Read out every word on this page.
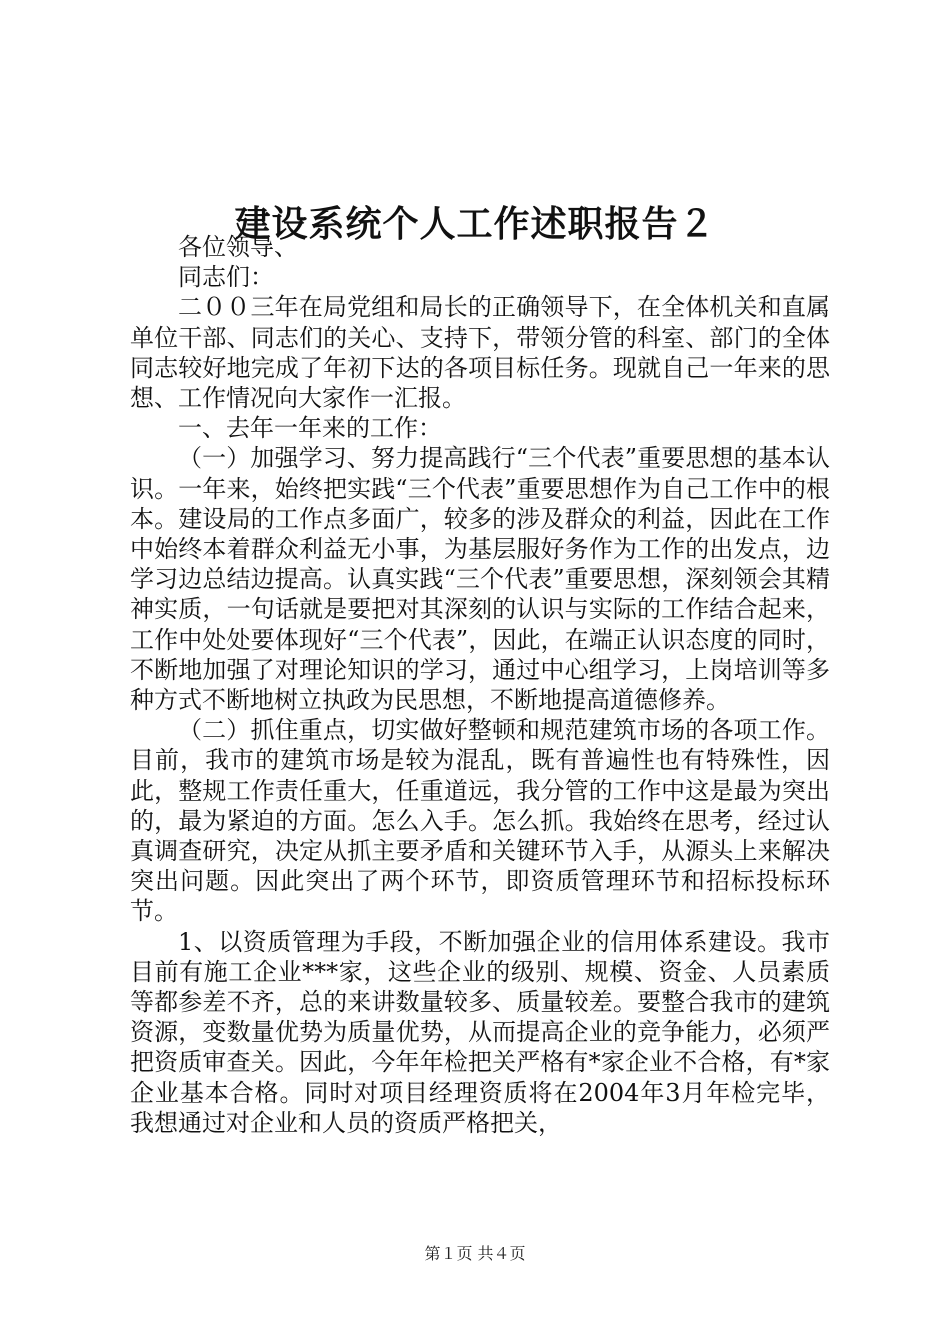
建设系统个人工作述职报告２

各位领导、

同志们：

二００三年在局党组和局长的正确领导下，在全体机关和直属单位干部、同志们的关心、支持下，带领分管的科室、部门的全体同志较好地完成了年初下达的各项目标任务。现就自己一年来的思想、工作情况向大家作一汇报。

一、去年一年来的工作：

（一）加强学习、努力提高践行“三个代表”重要思想的基本认识。一年来，始终把实践“三个代表”重要思想作为自己工作中的根本。建设局的工作点多面广，较多的涉及群众的利益，因此在工作中始终本着群众利益无小事，为基层服好务作为工作的出发点，边学习边总结边提高。认真实践“三个代表”重要思想，深刻领会其精神实质，一句话就是要把对其深刻的认识与实际的工作结合起来，工作中处处要体现好“三个代表”，因此，在端正认识态度的同时，不断地加强了对理论知识的学习，通过中心组学习，上岗培训等多种方式不断地树立执政为民思想，不断地提高道德修养。

（二）抓住重点，切实做好整顿和规范建筑市场的各项工作。目前，我市的建筑市场是较为混乱，既有普遍性也有特殊性，因此，整规工作责任重大，任重道远，我分管的工作中这是最为突出的，最为紧迫的方面。怎么入手。怎么抓。我始终在思考，经过认真调查研究，决定从抓主要矛盾和关键环节入手，从源头上来解决突出问题。因此突出了两个环节，即资质管理环节和招标投标环节。

1、以资质管理为手段，不断加强企业的信用体系建设。我市目前有施工企业***家，这些企业的级别、规模、资金、人员素质等都参差不齐，总的来讲数量较多、质量较差。要整合我市的建筑资源，变数量优势为质量优势，从而提高企业的竞争能力，必须严把资质审查关。因此，今年年检把关严格有*家企业不合格，有*家企业基本合格。同时对项目经理资质将在2004年3月年检完毕，我想通过对企业和人员的资质严格把关，

第１页 共４页
